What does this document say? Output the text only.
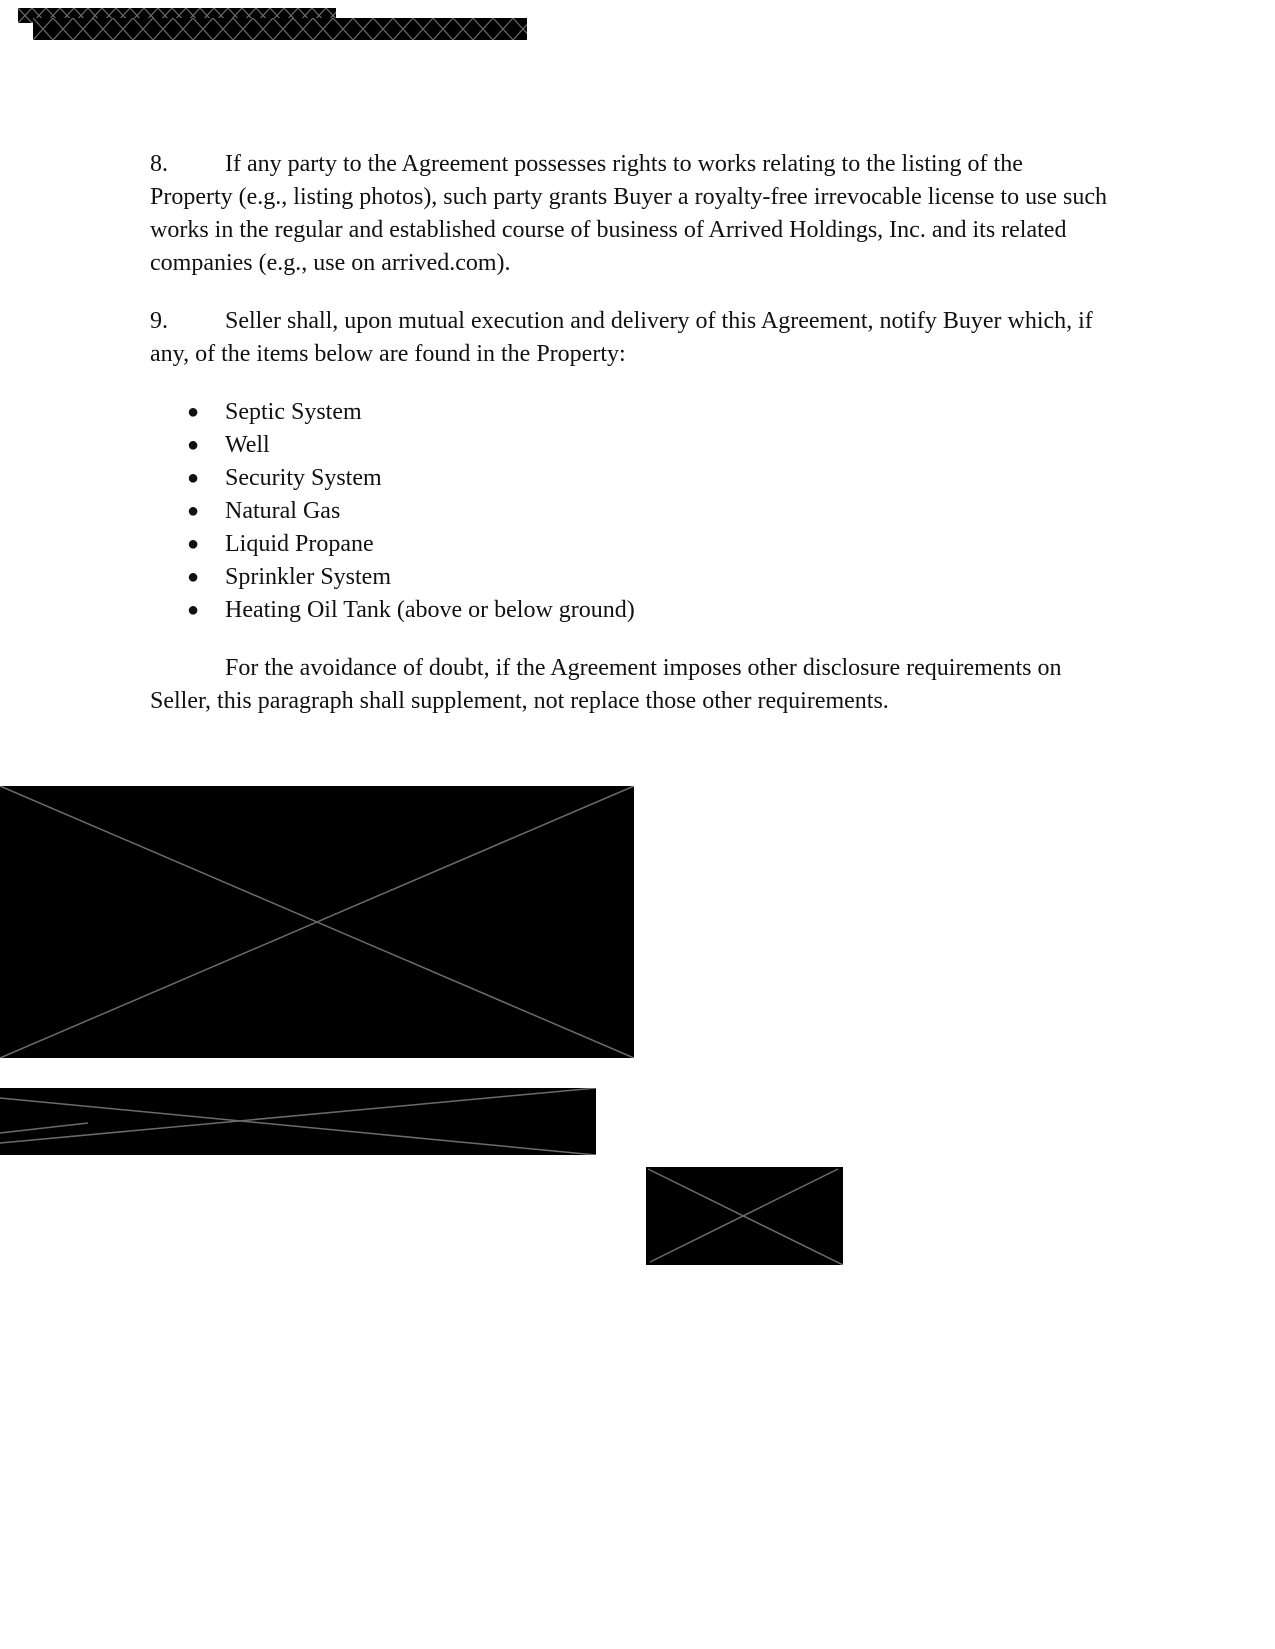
8. If any party to the Agreement possesses rights to works relating to the listing of the Property (e.g., listing photos), such party grants Buyer a royalty-free irrevocable license to use such works in the regular and established course of business of Arrived Holdings, Inc. and its related companies (e.g., use on arrived.com).

9. Seller shall, upon mutual execution and delivery of this Agreement, notify Buyer which, if any, of the items below are found in the Property:

● Septic System
● Well
● Security System
● Natural Gas
● Liquid Propane
● Sprinkler System
● Heating Oil Tank (above or below ground)

For the avoidance of doubt, if the Agreement imposes other disclosure requirements on Seller, this paragraph shall supplement, not replace those other requirements.
